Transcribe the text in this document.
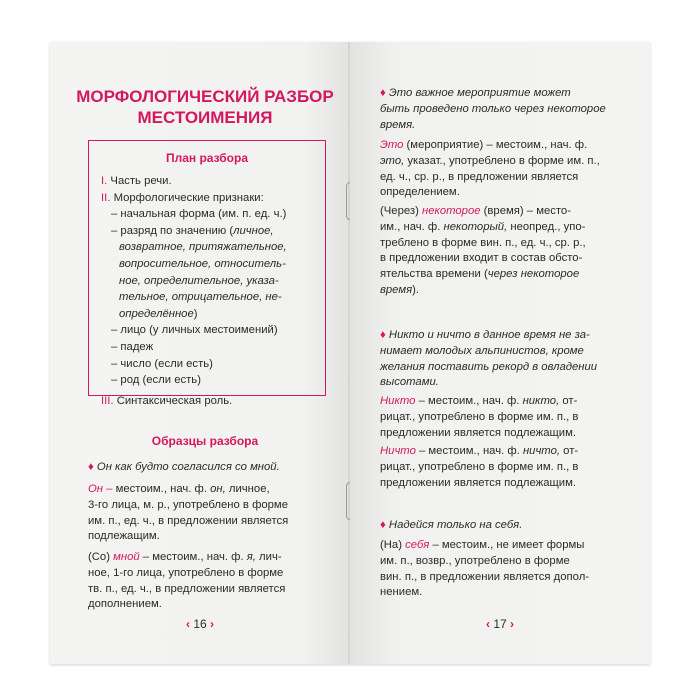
МОРФОЛОГИЧЕСКИЙ РАЗБОР МЕСТОИМЕНИЯ
План разбора
I. Часть речи.
II. Морфологические признаки:
– начальная форма (им. п. ед. ч.)
– разряд по значению (личное,
возвратное, притяжательное,
вопросительное, относитель-
ное, определительное, указа-
тельное, отрицательное, не-
определённое)
– лицо (у личных местоимений)
– падеж
– число (если есть)
– род (если есть)
III. Синтаксическая роль.
Образцы разбора
♦ Он как будто согласился со мной.
Он – местоим., нач. ф. он, личное,
3-го лица, м. р., употреблено в форме
им. п., ед. ч., в предложении является
подлежащим.
(Со) мной – местоим., нач. ф. я, лич-
ное, 1-го лица, употреблено в форме
тв. п., ед. ч., в предложении является
дополнением.
‹ 16 ›
♦ Это важное мероприятие может
быть проведено только через некоторое
время.
Это (мероприятие) – местоим., нач. ф.
это, указат., употреблено в форме им. п.,
ед. ч., ср. р., в предложении является
определением.
(Через) некоторое (время) – место-
им., нач. ф. некоторый, неопред., упо-
треблено в форме вин. п., ед. ч., ср. р.,
в предложении входит в состав обсто-
ятельства времени (через некоторое
время).
♦ Никто и ничто в данное время не за-
нимает молодых альпинистов, кроме
желания поставить рекорд в овладении
высотами.
Никто – местоим., нач. ф. никто, от-
рицат., употреблено в форме им. п., в
предложении является подлежащим.
Ничто – местоим., нач. ф. ничто, от-
рицат., употреблено в форме им. п., в
предложении является подлежащим.
♦ Надейся только на себя.
(На) себя – местоим., не имеет формы
им. п., возвр., употреблено в форме
вин. п., в предложении является допол-
нением.
‹ 17 ›
